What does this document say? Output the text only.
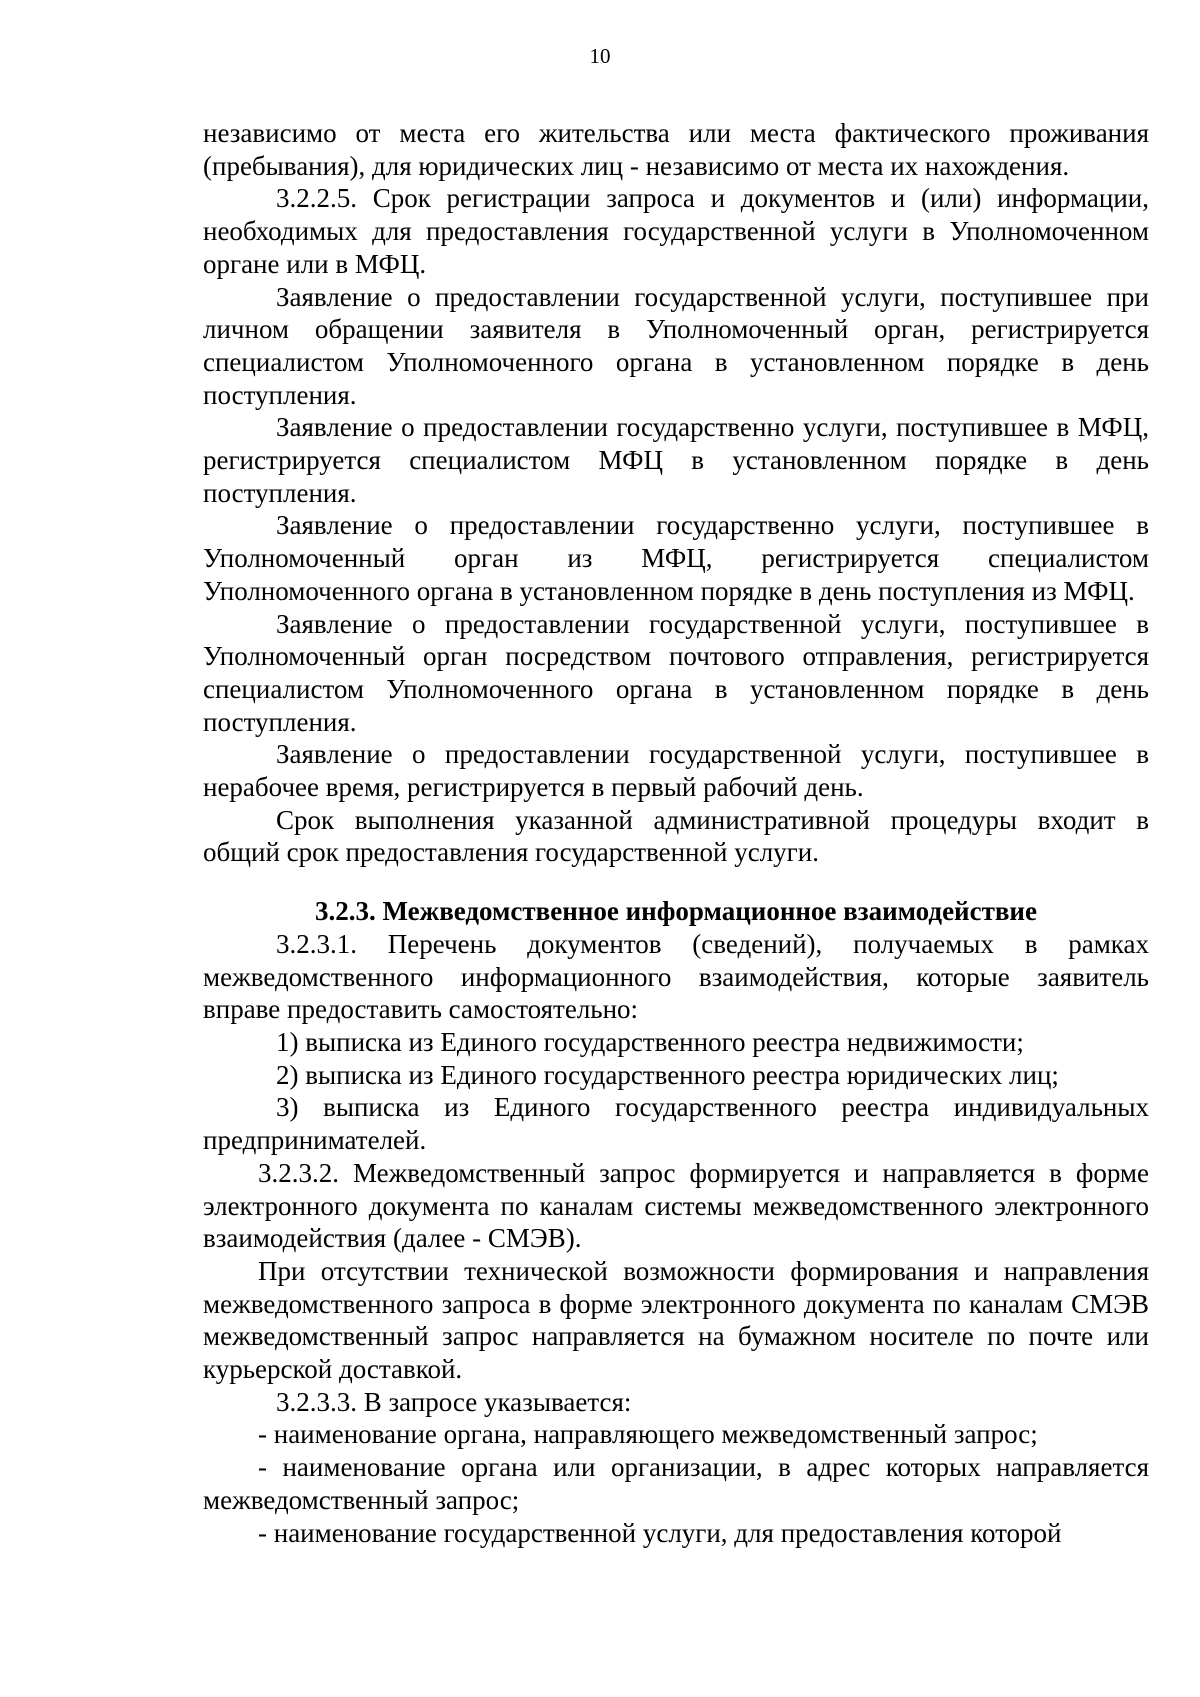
10

независимо от места его жительства или места фактического проживания (пребывания), для юридических лиц - независимо от места их нахождения.

3.2.2.5. Срок регистрации запроса и документов и (или) информации, необходимых для предоставления государственной услуги в Уполномоченном органе или в МФЦ.

Заявление о предоставлении государственной услуги, поступившее при личном обращении заявителя в Уполномоченный орган, регистрируется специалистом Уполномоченного органа в установленном порядке в день поступления.

Заявление о предоставлении государственно услуги, поступившее в МФЦ, регистрируется специалистом МФЦ в установленном порядке в день поступления.

Заявление о предоставлении государственно услуги, поступившее в Уполномоченный орган из МФЦ, регистрируется специалистом Уполномоченного органа в установленном порядке в день поступления из МФЦ.

Заявление о предоставлении государственной услуги, поступившее в Уполномоченный орган посредством почтового отправления, регистрируется специалистом Уполномоченного органа в установленном порядке в день поступления.

Заявление о предоставлении государственной услуги, поступившее в нерабочее время, регистрируется в первый рабочий день.

Срок выполнения указанной административной процедуры входит в общий срок предоставления государственной услуги.

3.2.3. Межведомственное информационное взаимодействие

3.2.3.1. Перечень документов (сведений), получаемых в рамках межведомственного информационного взаимодействия, которые заявитель вправе предоставить самостоятельно:

1) выписка из Единого государственного реестра недвижимости;

2) выписка из Единого государственного реестра юридических лиц;

3) выписка из Единого государственного реестра индивидуальных предпринимателей.

3.2.3.2. Межведомственный запрос формируется и направляется в форме электронного документа по каналам системы межведомственного электронного взаимодействия (далее - СМЭВ).

При отсутствии технической возможности формирования и направления межведомственного запроса в форме электронного документа по каналам СМЭВ межведомственный запрос направляется на бумажном носителе по почте или курьерской доставкой.

3.2.3.3. В запросе указывается:

- наименование органа, направляющего межведомственный запрос;

- наименование органа или организации, в адрес которых направляется межведомственный запрос;

- наименование государственной услуги, для предоставления которой
